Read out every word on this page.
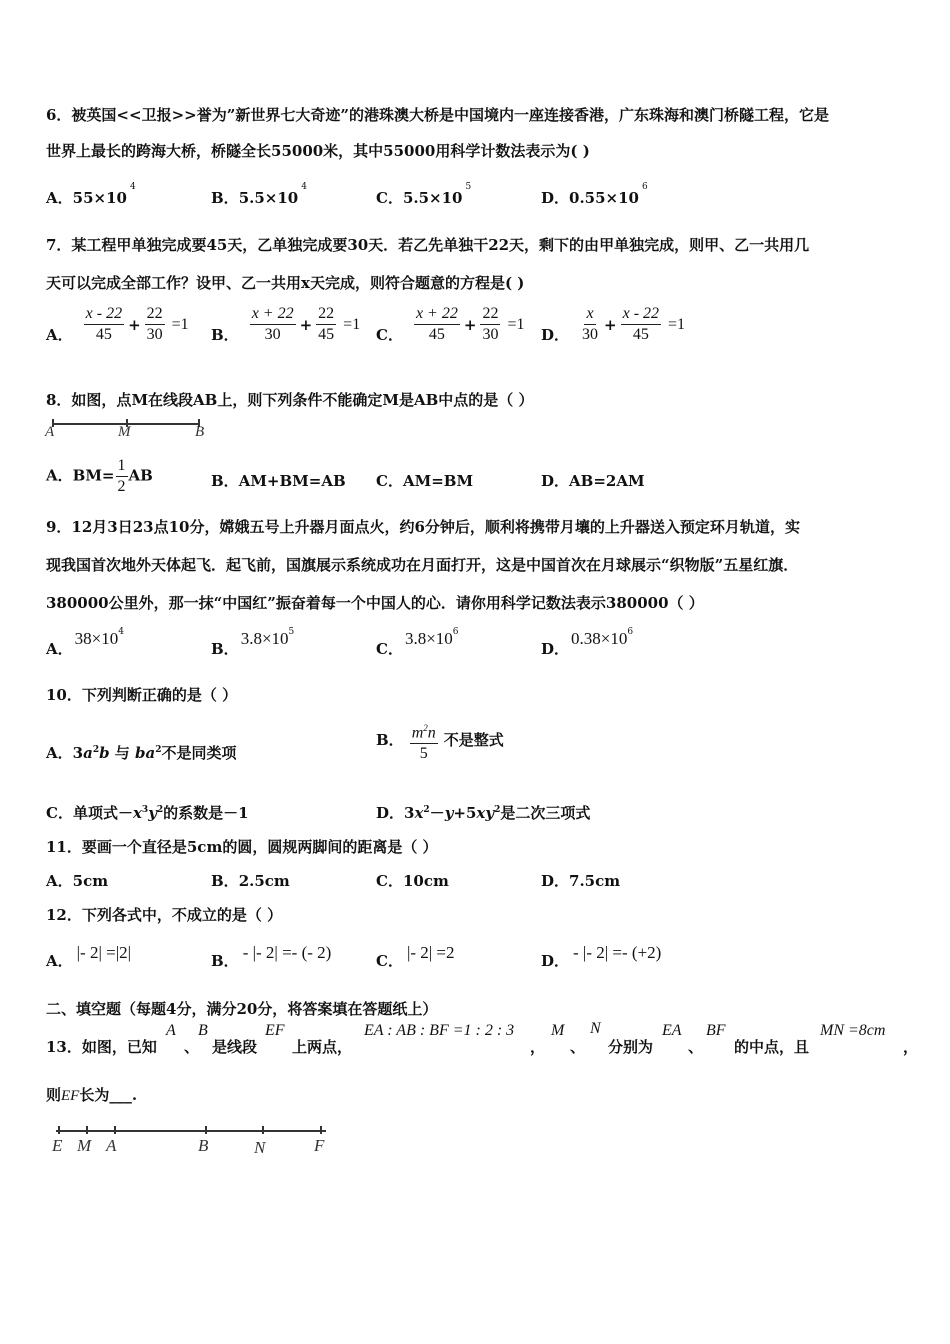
6．被英国<<卫报>>誉为”新世界七大奇迹”的港珠澳大桥是中国境内一座连接香港，广东珠海和澳门桥隧工程，它是
世界上最长的跨海大桥，桥隧全长55000米，其中55000用科学计数法表示为( )
A．$55\times 10^4$
B．$5.5\times 10^4$
C．$5.5\times 10^5$
D．$0.55\times 10^6$
7．某工程甲单独完成要45天，乙单独完成要30天．若乙先单独干22天，剩下的由甲单独完成，则甲、乙一共用几
天可以完成全部工作？设甲、乙一共用x天完成，则符合题意的方程是( )
A． $\frac{x - 22}{45} + \frac{22}{30} =1$
B． $\frac{x + 22}{30} + \frac{22}{45} =1$
C． $\frac{x + 22}{45} + \frac{22}{30} =1$
D． $\frac{x}{30} + \frac{x - 22}{45} =1$
8．如图，点M在线段AB上，则下列条件不能确定M是AB中点的是（ ）
A	M	B
A．$BM= \frac{1}{2}$ AB	B．AM+BM=AB C．AM=BM	D．AB=2AM
9．12月3日23点10分，嫦娥五号上升器月面点火，约6分钟后，顺利将携带月壤的上升器送入预定环月轨道，实
现我国首次地外天体起飞．起飞前，国旗展示系统成功在月面打开，这是中国首次在月球展示“织物版”五星红旗．
380000公里外，那一抹“中国红”振奋着每一个中国人的心．请你用科学记数法表示380000（ ）
A．$38\times 10^4$
B．$3.8\times 10^5$
C．$3.8\times 10^6$
D．$0.38\times 10^6$
10．下列判断正确的是（ ）
A．$3a^2b$ 与 $ba^2$不是同类项
B． $\frac{m^2n}{5}$ 不是整式
C．单项式$-x^3y^2$的系数是－1	D．$3x^2-y+5xy^2$是二次三项式
11．要画一个直径是5cm的圆，圆规两脚间的距离是（ ）
A．5cm	B．2.5cm	C．10cm	D．7.5cm
12．下列各式中，不成立的是（ ）
A． |- 2| =|2|	B． - |- 2| =- (- 2)	C． |- 2| =2	D． - |- 2| =- (+2)
二、填空题（每题4分，满分20分，将答案填在答题纸上）
13．如图，已知
A
、
B
是线段
EF
上两点，
EA : AB : BF =1 : 2 : 3
，
M
、
N
分别为
EA
、
BF
的中点，且
MN =8cm
，
则EF长为___.
E M A	B	N	F
